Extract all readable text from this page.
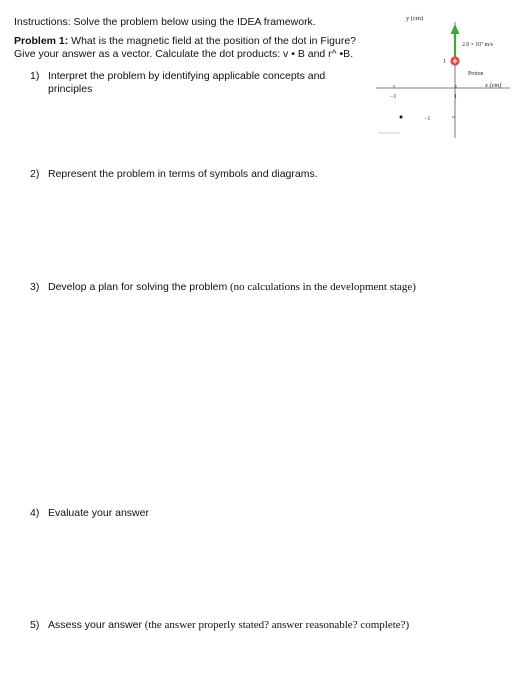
Instructions: Solve the problem below using the IDEA framework.
Problem 1: What is the magnetic field at the position of the dot in Figure?
Give your answer as a vector. Calculate the dot products: v • B and r^ •B.
1) Interpret the problem by identifying applicable concepts and
principles
2) Represent the problem in terms of symbols and diagrams.
3) Develop a plan for solving the problem (no calculations in the development stage)
4) Evaluate your answer
5) Assess your answer (the answer properly stated? answer reasonable? complete?)
y (cm)
x (cm)
1
−1
−1	1
2.0 × 10⁷ m/s
Proton
